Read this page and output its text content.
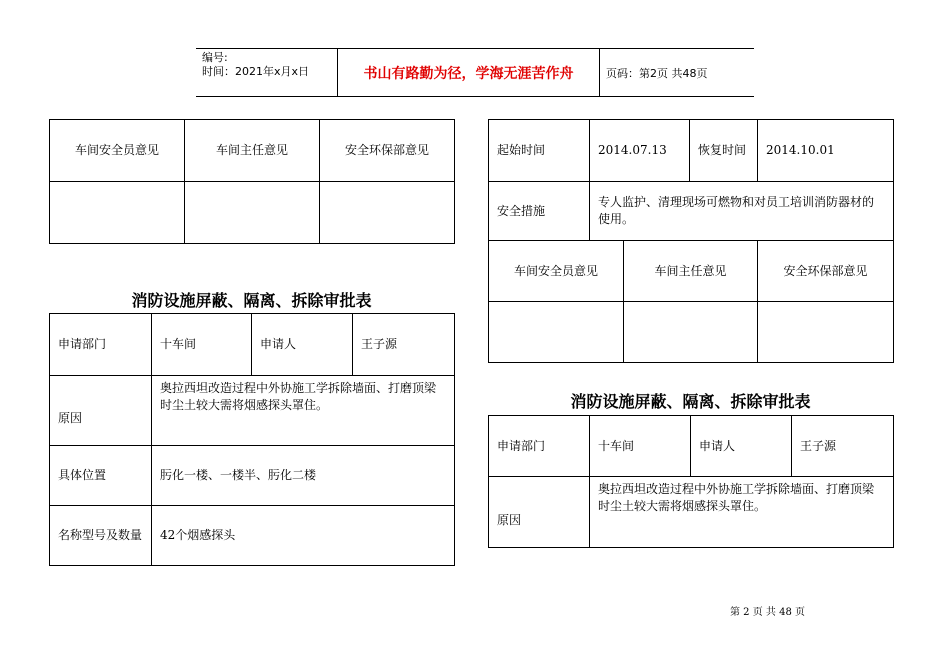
编号:
时间：2021年x月x日	书山有路勤为径，学海无涯苦作舟	页码：第2页 共48页
车间安全员意见	车间主任意见	安全环保部意见

消防设施屏蔽、隔离、拆除审批表
申请部门	十车间	申请人	王子源
原因	奥拉西坦改造过程中外协施工学拆除墙面、打磨顶梁时尘土较大需将烟感探头罩住。		
具体位置	肟化一楼、一楼半、肟化二楼		
名称型号及数量	42个烟感探头		
起始时间	2014.07.13		恢复时间	2014.10.01
安全措施	专人监护、清理现场可燃物和对员工培训消防器材的使用。			
车间安全员意见		车间主任意见		安全环保部意见

消防设施屏蔽、隔离、拆除审批表
申请部门	十车间	申请人	王子源
原因	奥拉西坦改造过程中外协施工学拆除墙面、打磨顶梁时尘土较大需将烟感探头罩住。		
第 2 页 共 48 页
